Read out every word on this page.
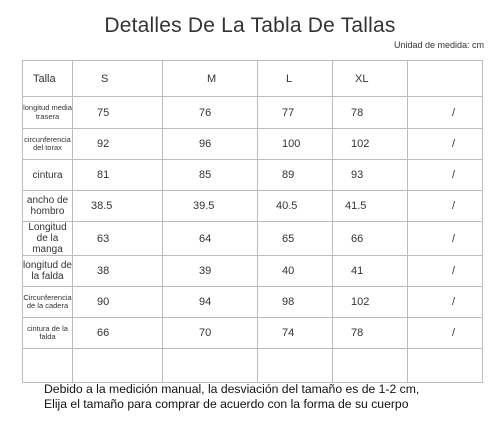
Detalles De La Tabla De Tallas
Unidad de medida: cm
Talla	S	M	L	XL	
longitud media trasera	75	76	77	78	/
circunferencia del torax	92	96	100	102	/
cintura	81	85	89	93	/
ancho de hombro	38.5	39.5	40.5	41.5	/
Longitud de la manga	63	64	65	66	/
longitud de la falda	38	39	40	41	/
Circunferencia de la cadera	90	94	98	102	/
cintura de la falda	66	70	74	78	/

Debido a la medición manual, la desviación del tamaño es de 1-2 cm,
Elija el tamaño para comprar de acuerdo con la forma de su cuerpo
